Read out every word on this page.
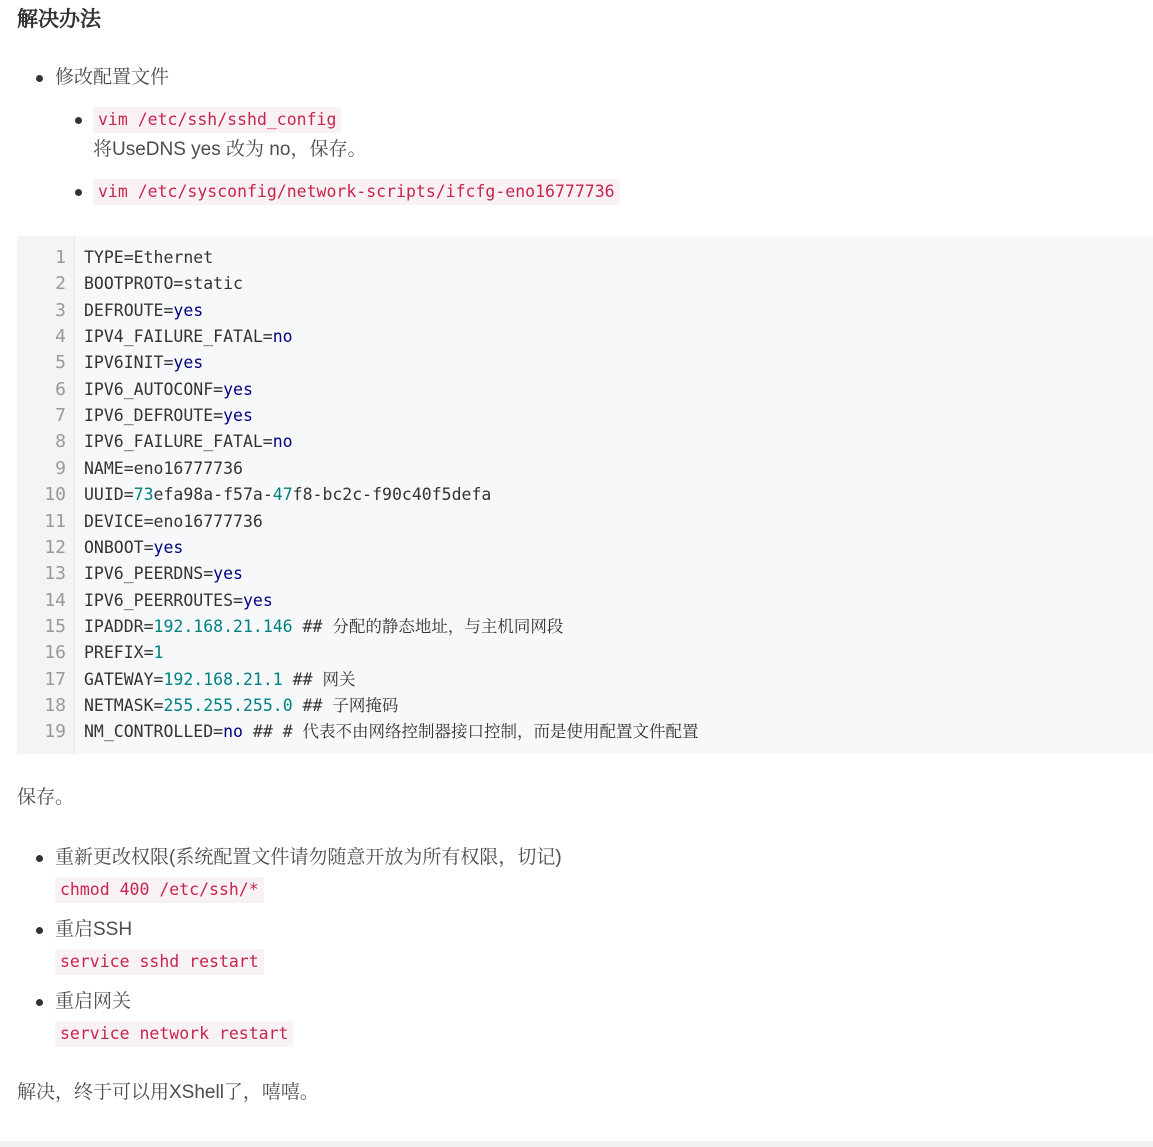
解决办法
修改配置文件
vim /etc/ssh/sshd_config
将UseDNS yes 改为 no，保存。
vim /etc/sysconfig/network-scripts/ifcfg-eno16777736
1
2
3
4
5
6
7
8
9
10
11
12
13
14
15
16
17
18
19
TYPE=Ethernet
BOOTPROTO=static
DEFROUTE=yes
IPV4_FAILURE_FATAL=no
IPV6INIT=yes
IPV6_AUTOCONF=yes
IPV6_DEFROUTE=yes
IPV6_FAILURE_FATAL=no
NAME=eno16777736
UUID=73efa98a-f57a-47f8-bc2c-f90c40f5defa
DEVICE=eno16777736
ONBOOT=yes
IPV6_PEERDNS=yes
IPV6_PEERROUTES=yes
IPADDR=192.168.21.146 ## 分配的静态地址，与主机同网段
PREFIX=1
GATEWAY=192.168.21.1 ## 网关
NETMASK=255.255.255.0 ## 子网掩码
NM_CONTROLLED=no ## # 代表不由网络控制器接口控制，而是使用配置文件配置

保存。

重新更改权限(系统配置文件请勿随意开放为所有权限，切记)
chmod 400 /etc/ssh/*
重启SSH
service sshd restart
重启网关
service network restart

解决，终于可以用XShell了，嘻嘻。
